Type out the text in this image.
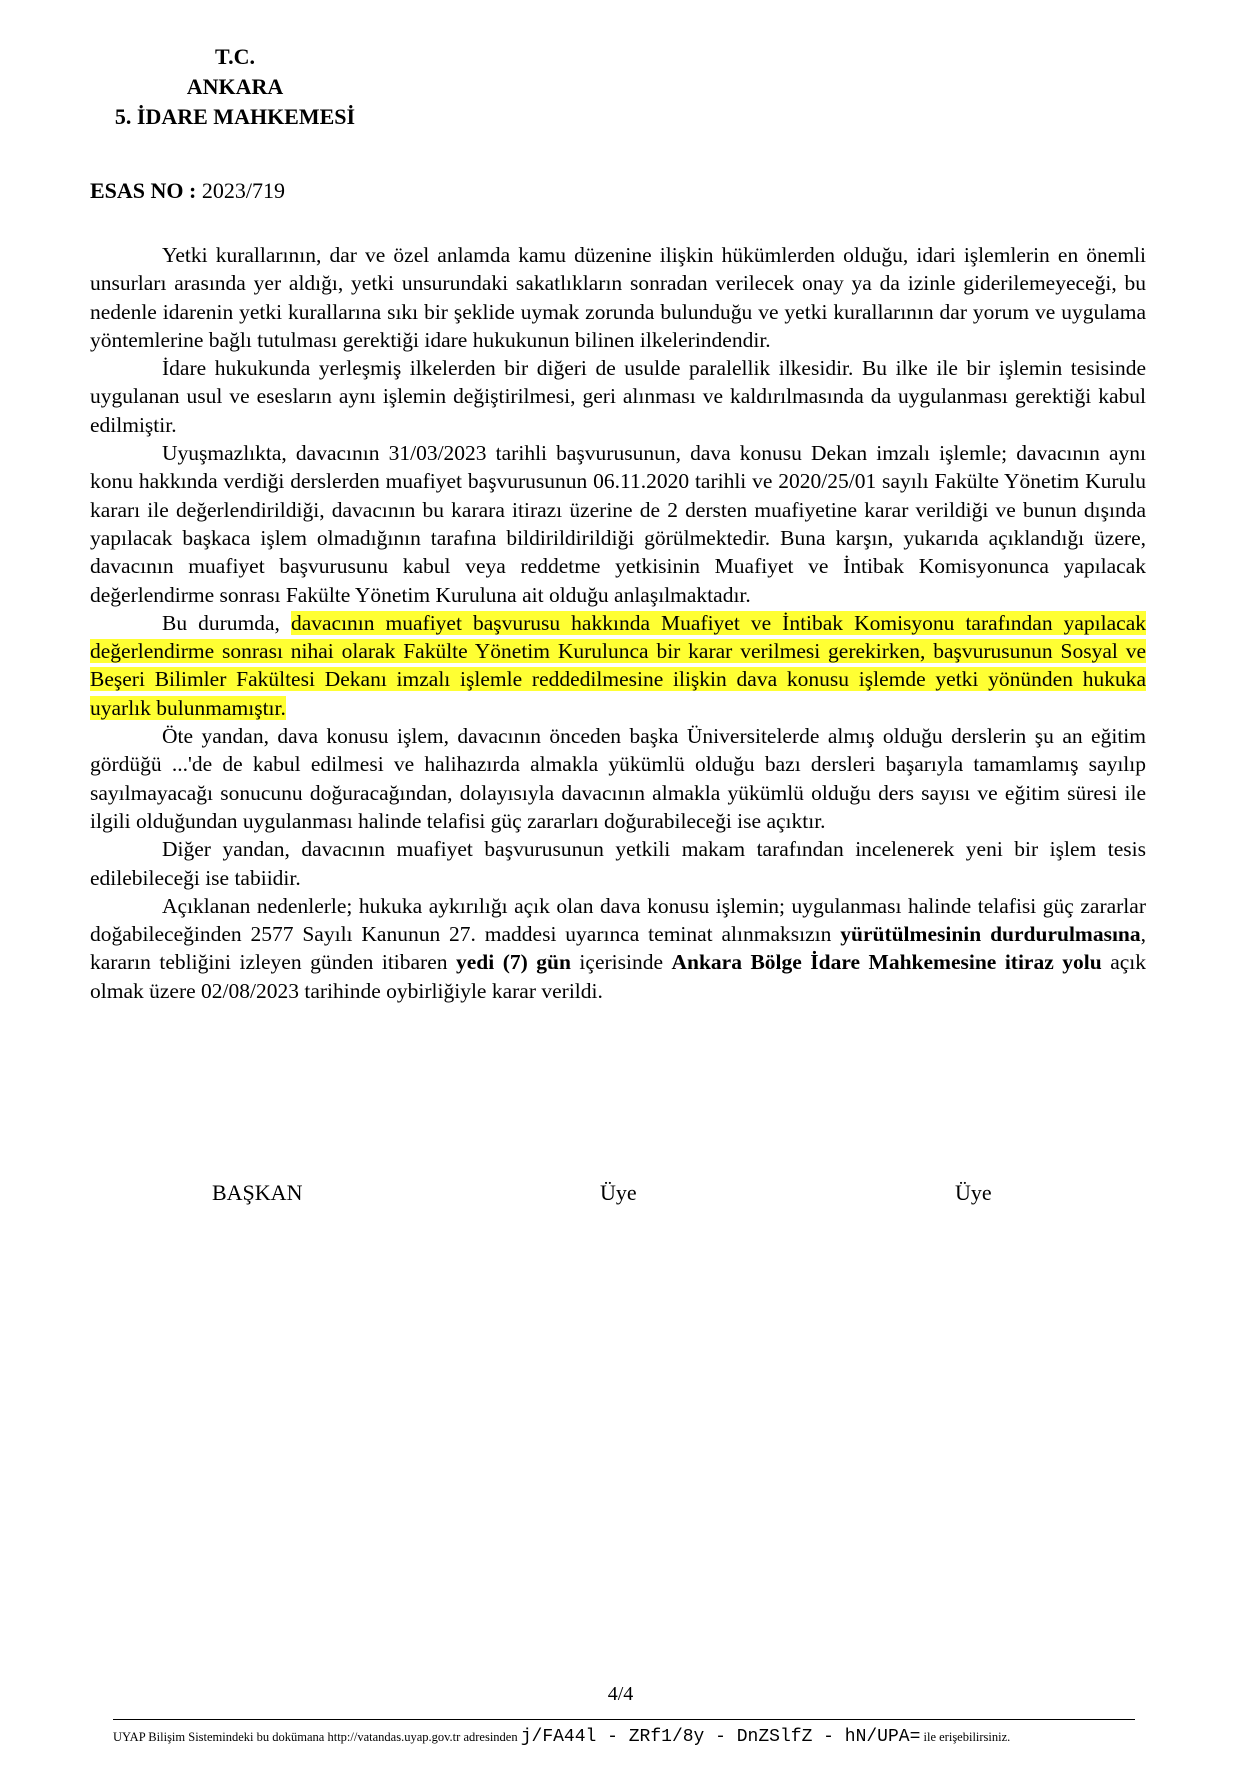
T.C.
ANKARA
5. İDARE MAHKEMESİ
ESAS NO : 2023/719

Yetki kurallarının, dar ve özel anlamda kamu düzenine ilişkin hükümlerden olduğu, idari işlemlerin en önemli unsurları arasında yer aldığı, yetki unsurundaki sakatlıkların sonradan verilecek onay ya da izinle giderilemeyeceği, bu nedenle idarenin yetki kurallarına sıkı bir şeklide uymak zorunda bulunduğu ve yetki kurallarının dar yorum ve uygulama yöntemlerine bağlı tutulması gerektiği idare hukukunun bilinen ilkelerindendir.

İdare hukukunda yerleşmiş ilkelerden bir diğeri de usulde paralellik ilkesidir. Bu ilke ile bir işlemin tesisinde uygulanan usul ve esesların aynı işlemin değiştirilmesi, geri alınması ve kaldırılmasında da uygulanması gerektiği kabul edilmiştir.

Uyuşmazlıkta, davacının 31/03/2023 tarihli başvurusunun, dava konusu Dekan imzalı işlemle; davacının aynı konu hakkında verdiği derslerden muafiyet başvurusunun 06.11.2020 tarihli ve 2020/25/01 sayılı Fakülte Yönetim Kurulu kararı ile değerlendirildiği, davacının bu karara itirazı üzerine de 2 dersten muafiyetine karar verildiği ve bunun dışında yapılacak başkaca işlem olmadığının tarafına bildirildirildiği görülmektedir. Buna karşın, yukarıda açıklandığı üzere, davacının muafiyet başvurusunu kabul veya reddetme yetkisinin Muafiyet ve İntibak Komisyonunca yapılacak değerlendirme sonrası Fakülte Yönetim Kuruluna ait olduğu anlaşılmaktadır.

Bu durumda, davacının muafiyet başvurusu hakkında Muafiyet ve İntibak Komisyonu tarafından yapılacak değerlendirme sonrası nihai olarak Fakülte Yönetim Kurulunca bir karar verilmesi gerekirken, başvurusunun Sosyal ve Beşeri Bilimler Fakültesi Dekanı imzalı işlemle reddedilmesine ilişkin dava konusu işlemde yetki yönünden hukuka uyarlık bulunmamıştır.

Öte yandan, dava konusu işlem, davacının önceden başka Üniversitelerde almış olduğu derslerin şu an eğitim gördüğü ...'de de kabul edilmesi ve halihazırda almakla yükümlü olduğu bazı dersleri başarıyla tamamlamış sayılıp sayılmayacağı sonucunu doğuracağından, dolayısıyla davacının almakla yükümlü olduğu ders sayısı ve eğitim süresi ile ilgili olduğundan uygulanması halinde telafisi güç zararları doğurabileceği ise açıktır.

Diğer yandan, davacının muafiyet başvurusunun yetkili makam tarafından incelenerek yeni bir işlem tesis edilebileceği ise tabiidir.

Açıklanan nedenlerle; hukuka aykırılığı açık olan dava konusu işlemin; uygulanması halinde telafisi güç zararlar doğabileceğinden 2577 Sayılı Kanunun 27. maddesi uyarınca teminat alınmaksızın yürütülmesinin durdurulmasına, kararın tebliğini izleyen günden itibaren yedi (7) gün içerisinde Ankara Bölge İdare Mahkemesine itiraz yolu açık olmak üzere 02/08/2023 tarihinde oybirliğiyle karar verildi.

BAŞKAN	Üye	Üye
4/4
UYAP Bilişim Sistemindeki bu dokümana http://vatandas.uyap.gov.tr adresinden j/FA44l - ZRf1/8y - DnZSlfZ - hN/UPA= ile erişebilirsiniz.
